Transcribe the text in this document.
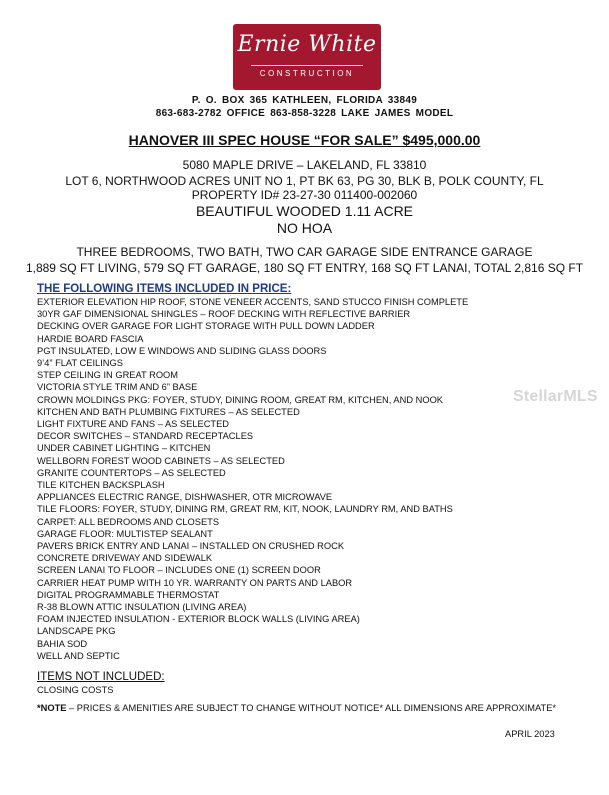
Ernie White
CONSTRUCTION
P. O. BOX 365 KATHLEEN, FLORIDA 33849
863-683-2782 OFFICE 863-858-3228 LAKE JAMES MODEL
HANOVER III SPEC HOUSE “FOR SALE” $495,000.00
5080 MAPLE DRIVE – LAKELAND, FL 33810
LOT 6, NORTHWOOD ACRES UNIT NO 1, PT BK 63, PG 30, BLK B, POLK COUNTY, FL
PROPERTY ID# 23-27-30 011400-002060
BEAUTIFUL WOODED 1.11 ACRE
NO HOA
THREE BEDROOMS, TWO BATH, TWO CAR GARAGE SIDE ENTRANCE GARAGE
1,889 SQ FT LIVING, 579 SQ FT GARAGE, 180 SQ FT ENTRY, 168 SQ FT LANAI, TOTAL 2,816 SQ FT
THE FOLLOWING ITEMS INCLUDED IN PRICE:
EXTERIOR ELEVATION HIP ROOF, STONE VENEER ACCENTS, SAND STUCCO FINISH COMPLETE
30YR GAF DIMENSIONAL SHINGLES – ROOF DECKING WITH REFLECTIVE BARRIER
DECKING OVER GARAGE FOR LIGHT STORAGE WITH PULL DOWN LADDER
HARDIE BOARD FASCIA
PGT INSULATED, LOW E WINDOWS AND SLIDING GLASS DOORS
9’4” FLAT CEILINGS
STEP CEILING IN GREAT ROOM
VICTORIA STYLE TRIM AND 6” BASE
CROWN MOLDINGS PKG: FOYER, STUDY, DINING ROOM, GREAT RM, KITCHEN, AND NOOK
KITCHEN AND BATH PLUMBING FIXTURES – AS SELECTED
LIGHT FIXTURE AND FANS – AS SELECTED
DECOR SWITCHES – STANDARD RECEPTACLES
UNDER CABINET LIGHTING – KITCHEN
WELLBORN FOREST WOOD CABINETS – AS SELECTED
GRANITE COUNTERTOPS – AS SELECTED
TILE KITCHEN BACKSPLASH
APPLIANCES ELECTRIC RANGE, DISHWASHER, OTR MICROWAVE
TILE FLOORS: FOYER, STUDY, DINING RM, GREAT RM, KIT, NOOK, LAUNDRY RM, AND BATHS
CARPET: ALL BEDROOMS AND CLOSETS
GARAGE FLOOR: MULTISTEP SEALANT
PAVERS BRICK ENTRY AND LANAI – INSTALLED ON CRUSHED ROCK
CONCRETE DRIVEWAY AND SIDEWALK
SCREEN LANAI TO FLOOR – INCLUDES ONE (1) SCREEN DOOR
CARRIER HEAT PUMP WITH 10 YR. WARRANTY ON PARTS AND LABOR
DIGITAL PROGRAMMABLE THERMOSTAT
R-38 BLOWN ATTIC INSULATION (LIVING AREA)
FOAM INJECTED INSULATION - EXTERIOR BLOCK WALLS (LIVING AREA)
LANDSCAPE PKG
BAHIA SOD
WELL AND SEPTIC
ITEMS NOT INCLUDED:
CLOSING COSTS
*NOTE – PRICES & AMENITIES ARE SUBJECT TO CHANGE WITHOUT NOTICE* ALL DIMENSIONS ARE APPROXIMATE*
APRIL 2023
StellarMLS
